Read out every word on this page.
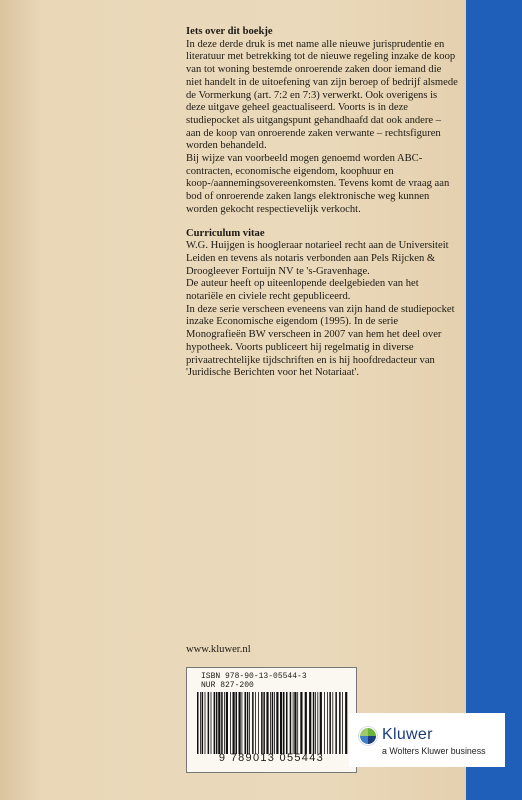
Iets over dit boekje

In deze derde druk is met name alle nieuwe jurisprudentie en literatuur met betrekking tot de nieuwe regeling inzake de koop van tot woning bestemde onroerende zaken door iemand die niet handelt in de uitoefening van zijn beroep of bedrijf alsmede de Vormerkung (art. 7:2 en 7:3) verwerkt. Ook overigens is deze uitgave geheel geactualiseerd. Voorts is in deze studiepocket als uitgangspunt gehandhaafd dat ook andere – aan de koop van onroerende zaken verwante – rechtsfiguren worden behandeld.

Bij wijze van voorbeeld mogen genoemd worden ABC-contracten, economische eigendom, koophuur en koop-/aannemingsovereenkomsten. Tevens komt de vraag aan bod of onroerende zaken langs elektronische weg kunnen worden gekocht respectievelijk verkocht.

Curriculum vitae

W.G. Huijgen is hoogleraar notarieel recht aan de Universiteit Leiden en tevens als notaris verbonden aan Pels Rijcken & Droogleever Fortuijn NV te 's-Gravenhage.

De auteur heeft op uiteenlopende deelgebieden van het notariële en civiele recht gepubliceerd.

In deze serie verscheen eveneens van zijn hand de studiepocket inzake Economische eigendom (1995). In de serie Monografieën BW verscheen in 2007 van hem het deel over hypotheek. Voorts publiceert hij regelmatig in diverse privaatrechtelijke tijdschriften en is hij hoofdredacteur van 'Juridische Berichten voor het Notariaat'.

www.kluwer.nl
ISBN 978-90-13-05544-3
NUR 827-200
9 789013 055443
Kluwer
a Wolters Kluwer business
